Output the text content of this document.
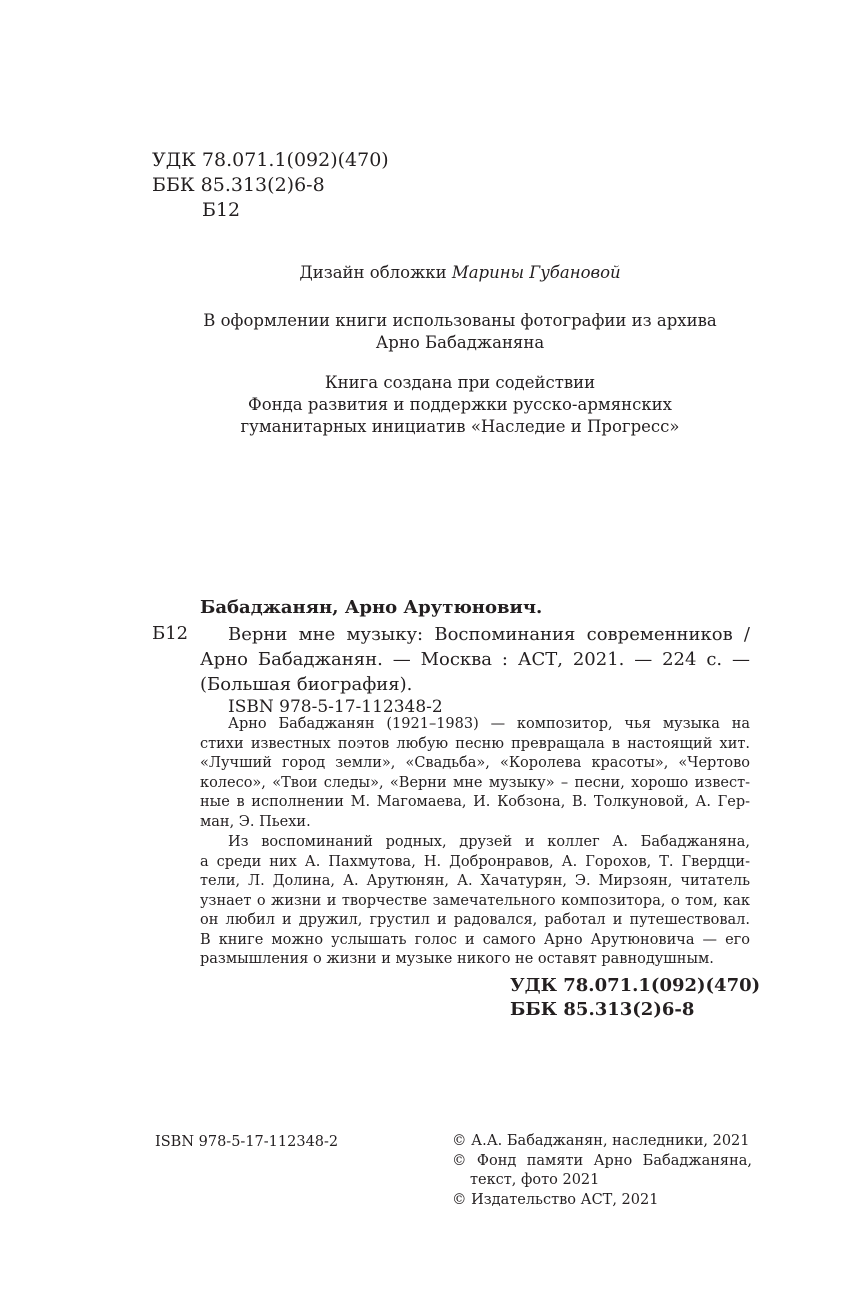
УДК 78.071.1(092)(470)
ББК 85.313(2)6-8
Б12
Дизайн обложки Марины Губановой
В оформлении книги использованы фотографии из архива
Арно Бабаджаняна
Книга создана при содействии
Фонда развития и поддержки русско-армянских
гуманитарных инициатив «Наследие и Прогресс»
Бабаджанян, Арно Арутюнович.
Б12	Верни мне музыку: Воспоминания современников /
Арно Бабаджанян. — Москва : АСТ, 2021. — 224 с. —
(Большая биография).
ISBN 978-5-17-112348-2
Арно Бабаджанян (1921–1983) — композитор, чья музыка на
стихи известных поэтов любую песню превращала в настоящий хит.
«Лучший город земли», «Свадьба», «Королева красоты», «Чертово
колесо», «Твои следы», «Верни мне музыку» – песни, хорошо извест-
ные в исполнении М. Магомаева, И. Кобзона, В. Толкуновой, А. Гер-
ман, Э. Пьехи.
Из воспоминаний родных, друзей и коллег А. Бабаджаняна,
а среди них А. Пахмутова, Н. Добронравов, А. Горохов, Т. Гвердци-
тели, Л. Долина, А. Арутюнян, А. Хачатурян, Э. Мирзоян, читатель
узнает о жизни и творчестве замечательного композитора, о том, как
он любил и дружил, грустил и радовался, работал и путешествовал.
В книге можно услышать голос и самого Арно Арутюновича — его
размышления о жизни и музыке никого не оставят равнодушным.
УДК 78.071.1(092)(470)
ББК 85.313(2)6-8
ISBN 978-5-17-112348-2	© А.А. Бабаджанян, наследники, 2021
© Фонд памяти Арно Бабаджаняна,
текст, фото 2021
© Издательство АСТ, 2021
